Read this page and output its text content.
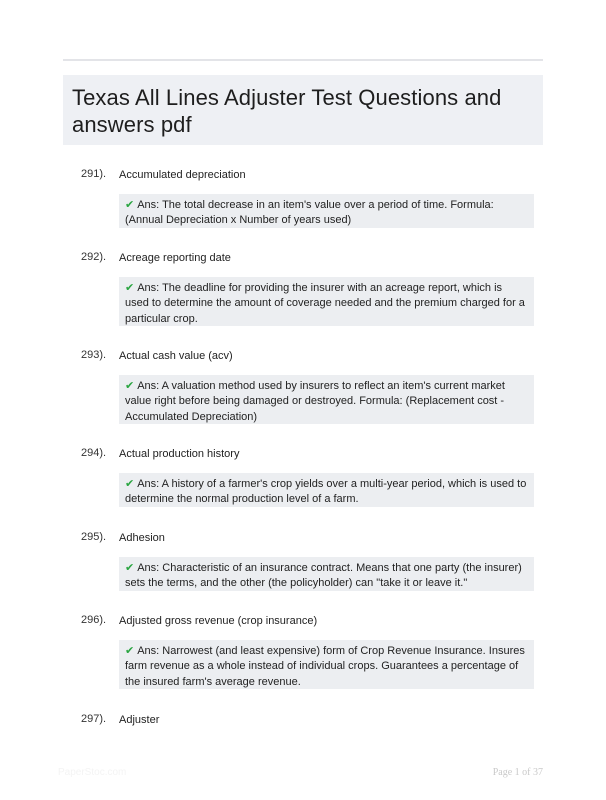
Texas All Lines Adjuster Test Questions and answers pdf
291). Accumulated depreciation
✔ Ans: The total decrease in an item's value over a period of time. Formula: (Annual Depreciation x Number of years used)
292). Acreage reporting date
✔ Ans: The deadline for providing the insurer with an acreage report, which is used to determine the amount of coverage needed and the premium charged for a particular crop.
293). Actual cash value (acv)
✔ Ans: A valuation method used by insurers to reflect an item's current market value right before being damaged or destroyed. Formula: (Replacement cost - Accumulated Depreciation)
294). Actual production history
✔ Ans: A history of a farmer's crop yields over a multi-year period, which is used to determine the normal production level of a farm.
295). Adhesion
✔ Ans: Characteristic of an insurance contract. Means that one party (the insurer) sets the terms, and the other (the policyholder) can "take it or leave it."
296). Adjusted gross revenue (crop insurance)
✔ Ans: Narrowest (and least expensive) form of Crop Revenue Insurance. Insures farm revenue as a whole instead of individual crops. Guarantees a percentage of the insured farm's average revenue.
297). Adjuster
PaperStoc.com	Page 1 of 37
